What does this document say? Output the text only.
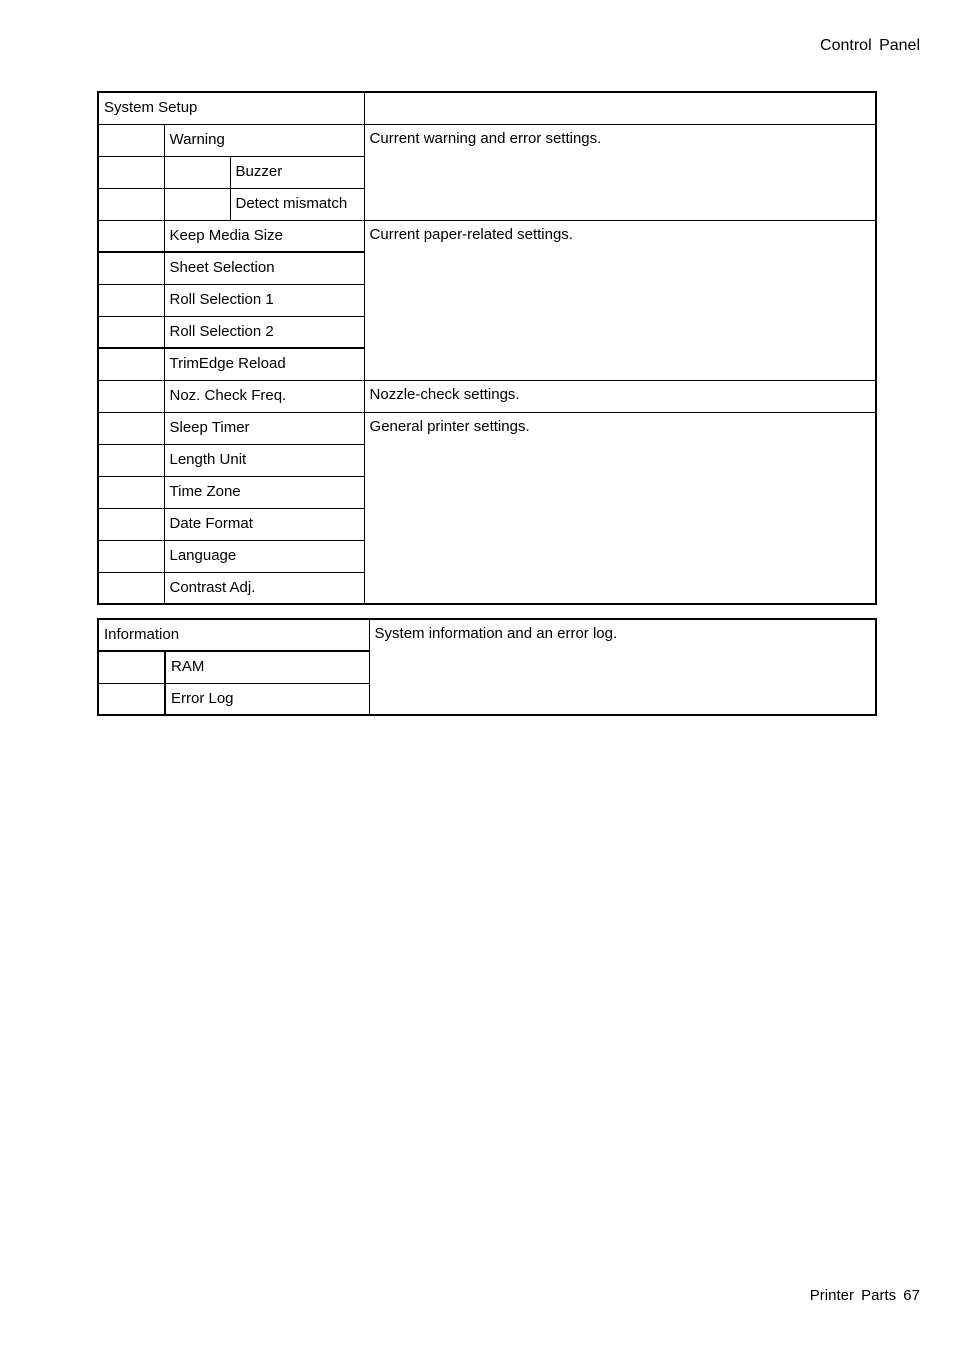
Control Panel
System Setup			
	Warning		Current warning and error settings.
		Buzzer	
		Detect mismatch	
	Keep Media Size		Current paper-related settings.
	Sheet Selection		
	Roll Selection 1		
	Roll Selection 2		
	TrimEdge Reload		
	Noz. Check Freq.		Nozzle-check settings.
	Sleep Timer		General printer settings.
	Length Unit		
	Time Zone		
	Date Format		
	Language		
	Contrast Adj.		
Information		System information and an error log.
	RAM	
	Error Log	
Printer Parts 67
